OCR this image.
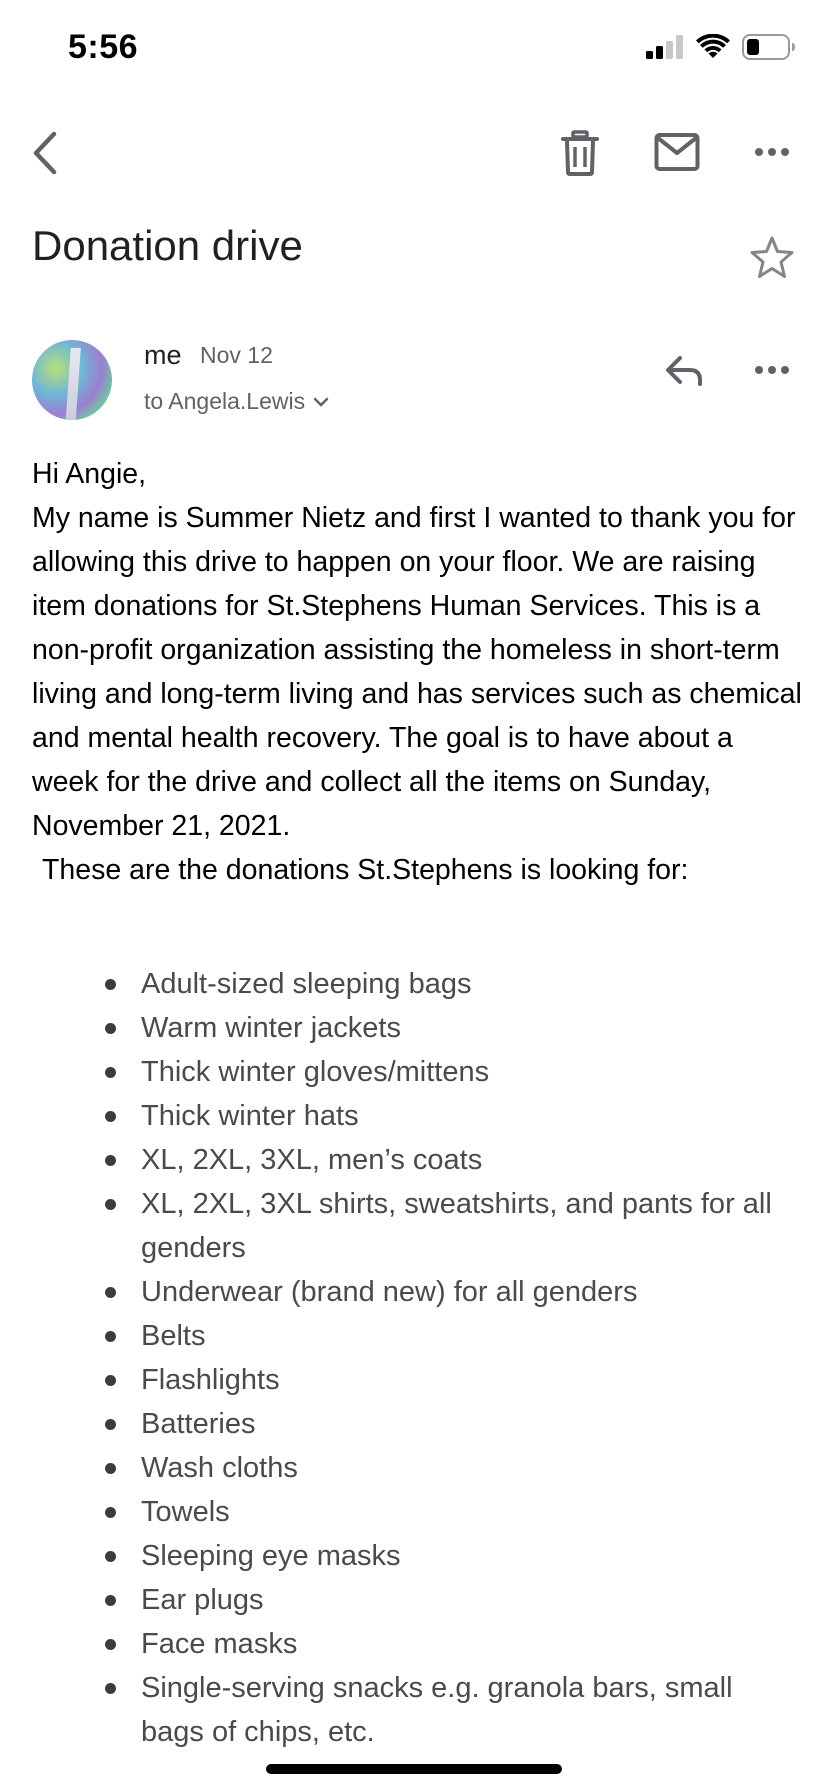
5:56
Donation drive
me Nov 12
to Angela.Lewis

Hi Angie,

My name is Summer Nietz and first I wanted to thank you for allowing this drive to happen on your floor. We are raising item donations for St.Stephens Human Services. This is a non-profit organization assisting the homeless in short-term living and long-term living and has services such as chemical and mental health recovery. The goal is to have about a week for the drive and collect all the items on Sunday, November 21, 2021.

These are the donations St.Stephens is looking for:

Adult-sized sleeping bags
Warm winter jackets
Thick winter gloves/mittens
Thick winter hats
XL, 2XL, 3XL, men’s coats
XL, 2XL, 3XL shirts, sweatshirts, and pants for all genders
Underwear (brand new) for all genders
Belts
Flashlights
Batteries
Wash cloths
Towels
Sleeping eye masks
Ear plugs
Face masks
Single-serving snacks e.g. granola bars, small bags of chips, etc.
